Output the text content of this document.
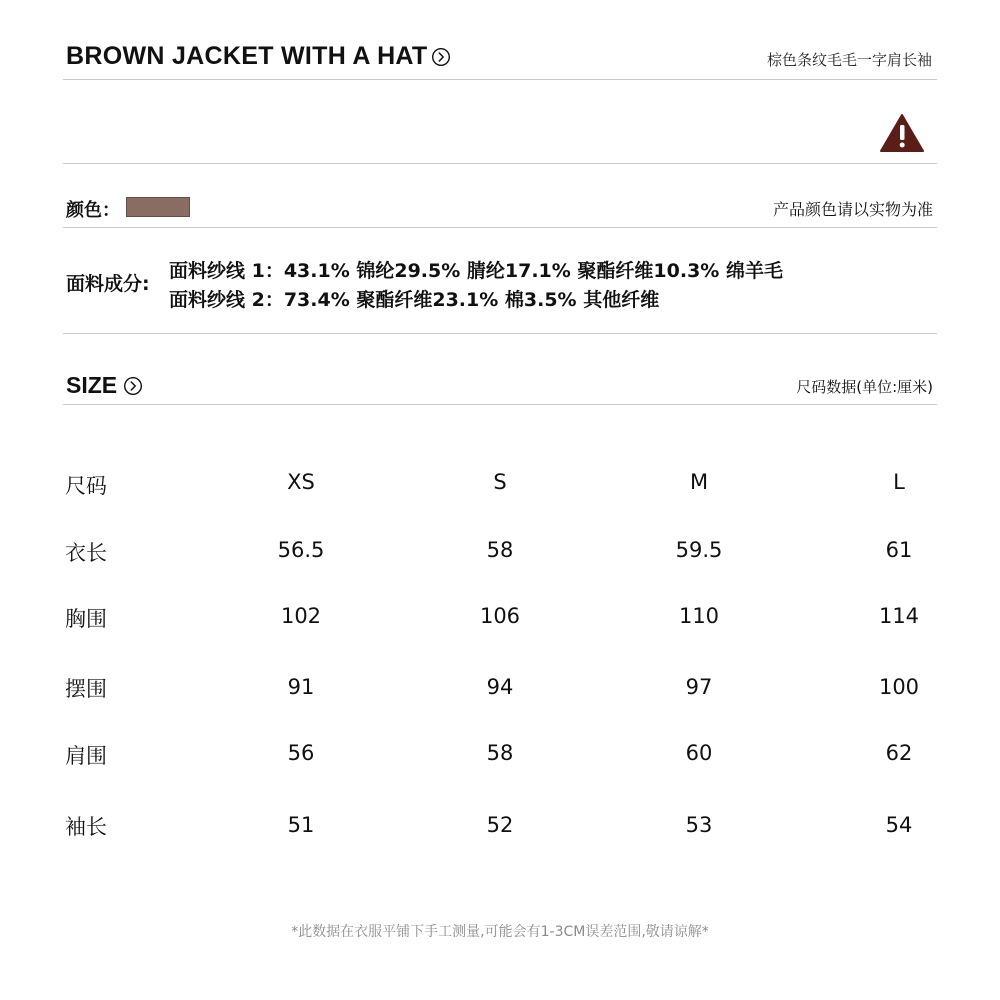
BROWN JACKET WITH A HAT	棕色条纹毛毛一字肩长袖
颜色：	产品颜色请以实物为准
面料成分:
面料纱线 1：43.1% 锦纶29.5% 腈纶17.1% 聚酯纤维10.3% 绵羊毛
面料纱线 2：73.4% 聚酯纤维23.1% 棉3.5% 其他纤维
SIZE	尺码数据(单位:厘米)
尺码	XS	S	M	L
衣长	56.5	58	59.5	61
胸围	102	106	110	114
摆围	91	94	97	100
肩围	56	58	60	62
袖长	51	52	53	54
*此数据在衣服平铺下手工测量,可能会有1-3CM误差范围,敬请谅解*
